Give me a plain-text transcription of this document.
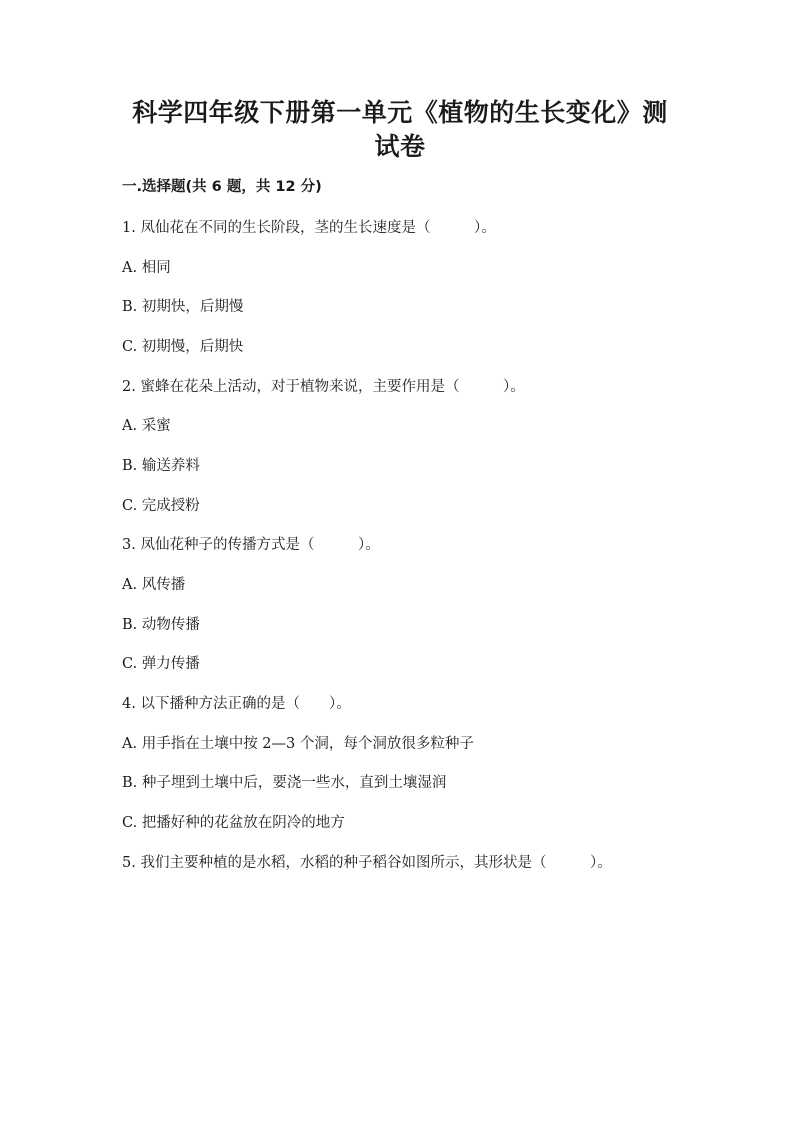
科学四年级下册第一单元《植物的生长变化》测试卷
一.选择题(共 6 题，共 12 分)
1. 凤仙花在不同的生长阶段，茎的生长速度是（　　　）。
A. 相同
B. 初期快，后期慢
C. 初期慢，后期快
2. 蜜蜂在花朵上活动，对于植物来说，主要作用是（　　　）。
A. 采蜜
B. 输送养料
C. 完成授粉
3. 凤仙花种子的传播方式是（　　　）。
A. 风传播
B. 动物传播
C. 弹力传播
4. 以下播种方法正确的是（　　）。
A. 用手指在土壤中按 2—3 个洞，每个洞放很多粒种子
B. 种子埋到土壤中后，要浇一些水，直到土壤湿润
C. 把播好种的花盆放在阴冷的地方
5. 我们主要种植的是水稻，水稻的种子稻谷如图所示，其形状是（　　　）。
